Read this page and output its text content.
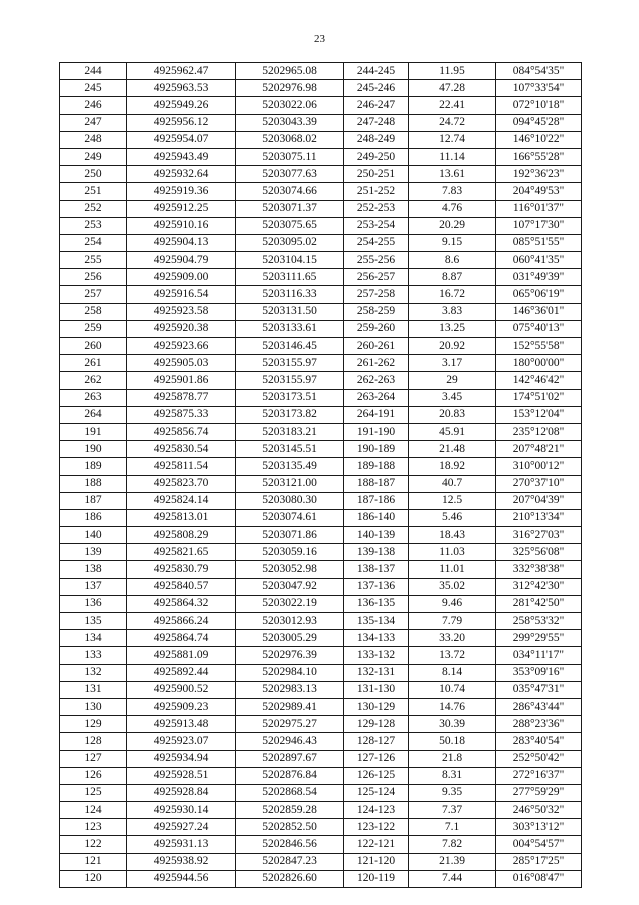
23
244	4925962.47	5202965.08	244-245	11.95	084°54'35"
245	4925963.53	5202976.98	245-246	47.28	107°33'54"
246	4925949.26	5203022.06	246-247	22.41	072°10'18"
247	4925956.12	5203043.39	247-248	24.72	094°45'28"
248	4925954.07	5203068.02	248-249	12.74	146°10'22"
249	4925943.49	5203075.11	249-250	11.14	166°55'28"
250	4925932.64	5203077.63	250-251	13.61	192°36'23"
251	4925919.36	5203074.66	251-252	7.83	204°49'53"
252	4925912.25	5203071.37	252-253	4.76	116°01'37"
253	4925910.16	5203075.65	253-254	20.29	107°17'30"
254	4925904.13	5203095.02	254-255	9.15	085°51'55"
255	4925904.79	5203104.15	255-256	8.6	060°41'35"
256	4925909.00	5203111.65	256-257	8.87	031°49'39"
257	4925916.54	5203116.33	257-258	16.72	065°06'19"
258	4925923.58	5203131.50	258-259	3.83	146°36'01"
259	4925920.38	5203133.61	259-260	13.25	075°40'13"
260	4925923.66	5203146.45	260-261	20.92	152°55'58"
261	4925905.03	5203155.97	261-262	3.17	180°00'00"
262	4925901.86	5203155.97	262-263	29	142°46'42"
263	4925878.77	5203173.51	263-264	3.45	174°51'02"
264	4925875.33	5203173.82	264-191	20.83	153°12'04"
191	4925856.74	5203183.21	191-190	45.91	235°12'08"
190	4925830.54	5203145.51	190-189	21.48	207°48'21"
189	4925811.54	5203135.49	189-188	18.92	310°00'12"
188	4925823.70	5203121.00	188-187	40.7	270°37'10"
187	4925824.14	5203080.30	187-186	12.5	207°04'39"
186	4925813.01	5203074.61	186-140	5.46	210°13'34"
140	4925808.29	5203071.86	140-139	18.43	316°27'03"
139	4925821.65	5203059.16	139-138	11.03	325°56'08"
138	4925830.79	5203052.98	138-137	11.01	332°38'38"
137	4925840.57	5203047.92	137-136	35.02	312°42'30"
136	4925864.32	5203022.19	136-135	9.46	281°42'50"
135	4925866.24	5203012.93	135-134	7.79	258°53'32"
134	4925864.74	5203005.29	134-133	33.20	299°29'55"
133	4925881.09	5202976.39	133-132	13.72	034°11'17"
132	4925892.44	5202984.10	132-131	8.14	353°09'16"
131	4925900.52	5202983.13	131-130	10.74	035°47'31"
130	4925909.23	5202989.41	130-129	14.76	286°43'44"
129	4925913.48	5202975.27	129-128	30.39	288°23'36"
128	4925923.07	5202946.43	128-127	50.18	283°40'54"
127	4925934.94	5202897.67	127-126	21.8	252°50'42"
126	4925928.51	5202876.84	126-125	8.31	272°16'37"
125	4925928.84	5202868.54	125-124	9.35	277°59'29"
124	4925930.14	5202859.28	124-123	7.37	246°50'32"
123	4925927.24	5202852.50	123-122	7.1	303°13'12"
122	4925931.13	5202846.56	122-121	7.82	004°54'57"
121	4925938.92	5202847.23	121-120	21.39	285°17'25"
120	4925944.56	5202826.60	120-119	7.44	016°08'47"
